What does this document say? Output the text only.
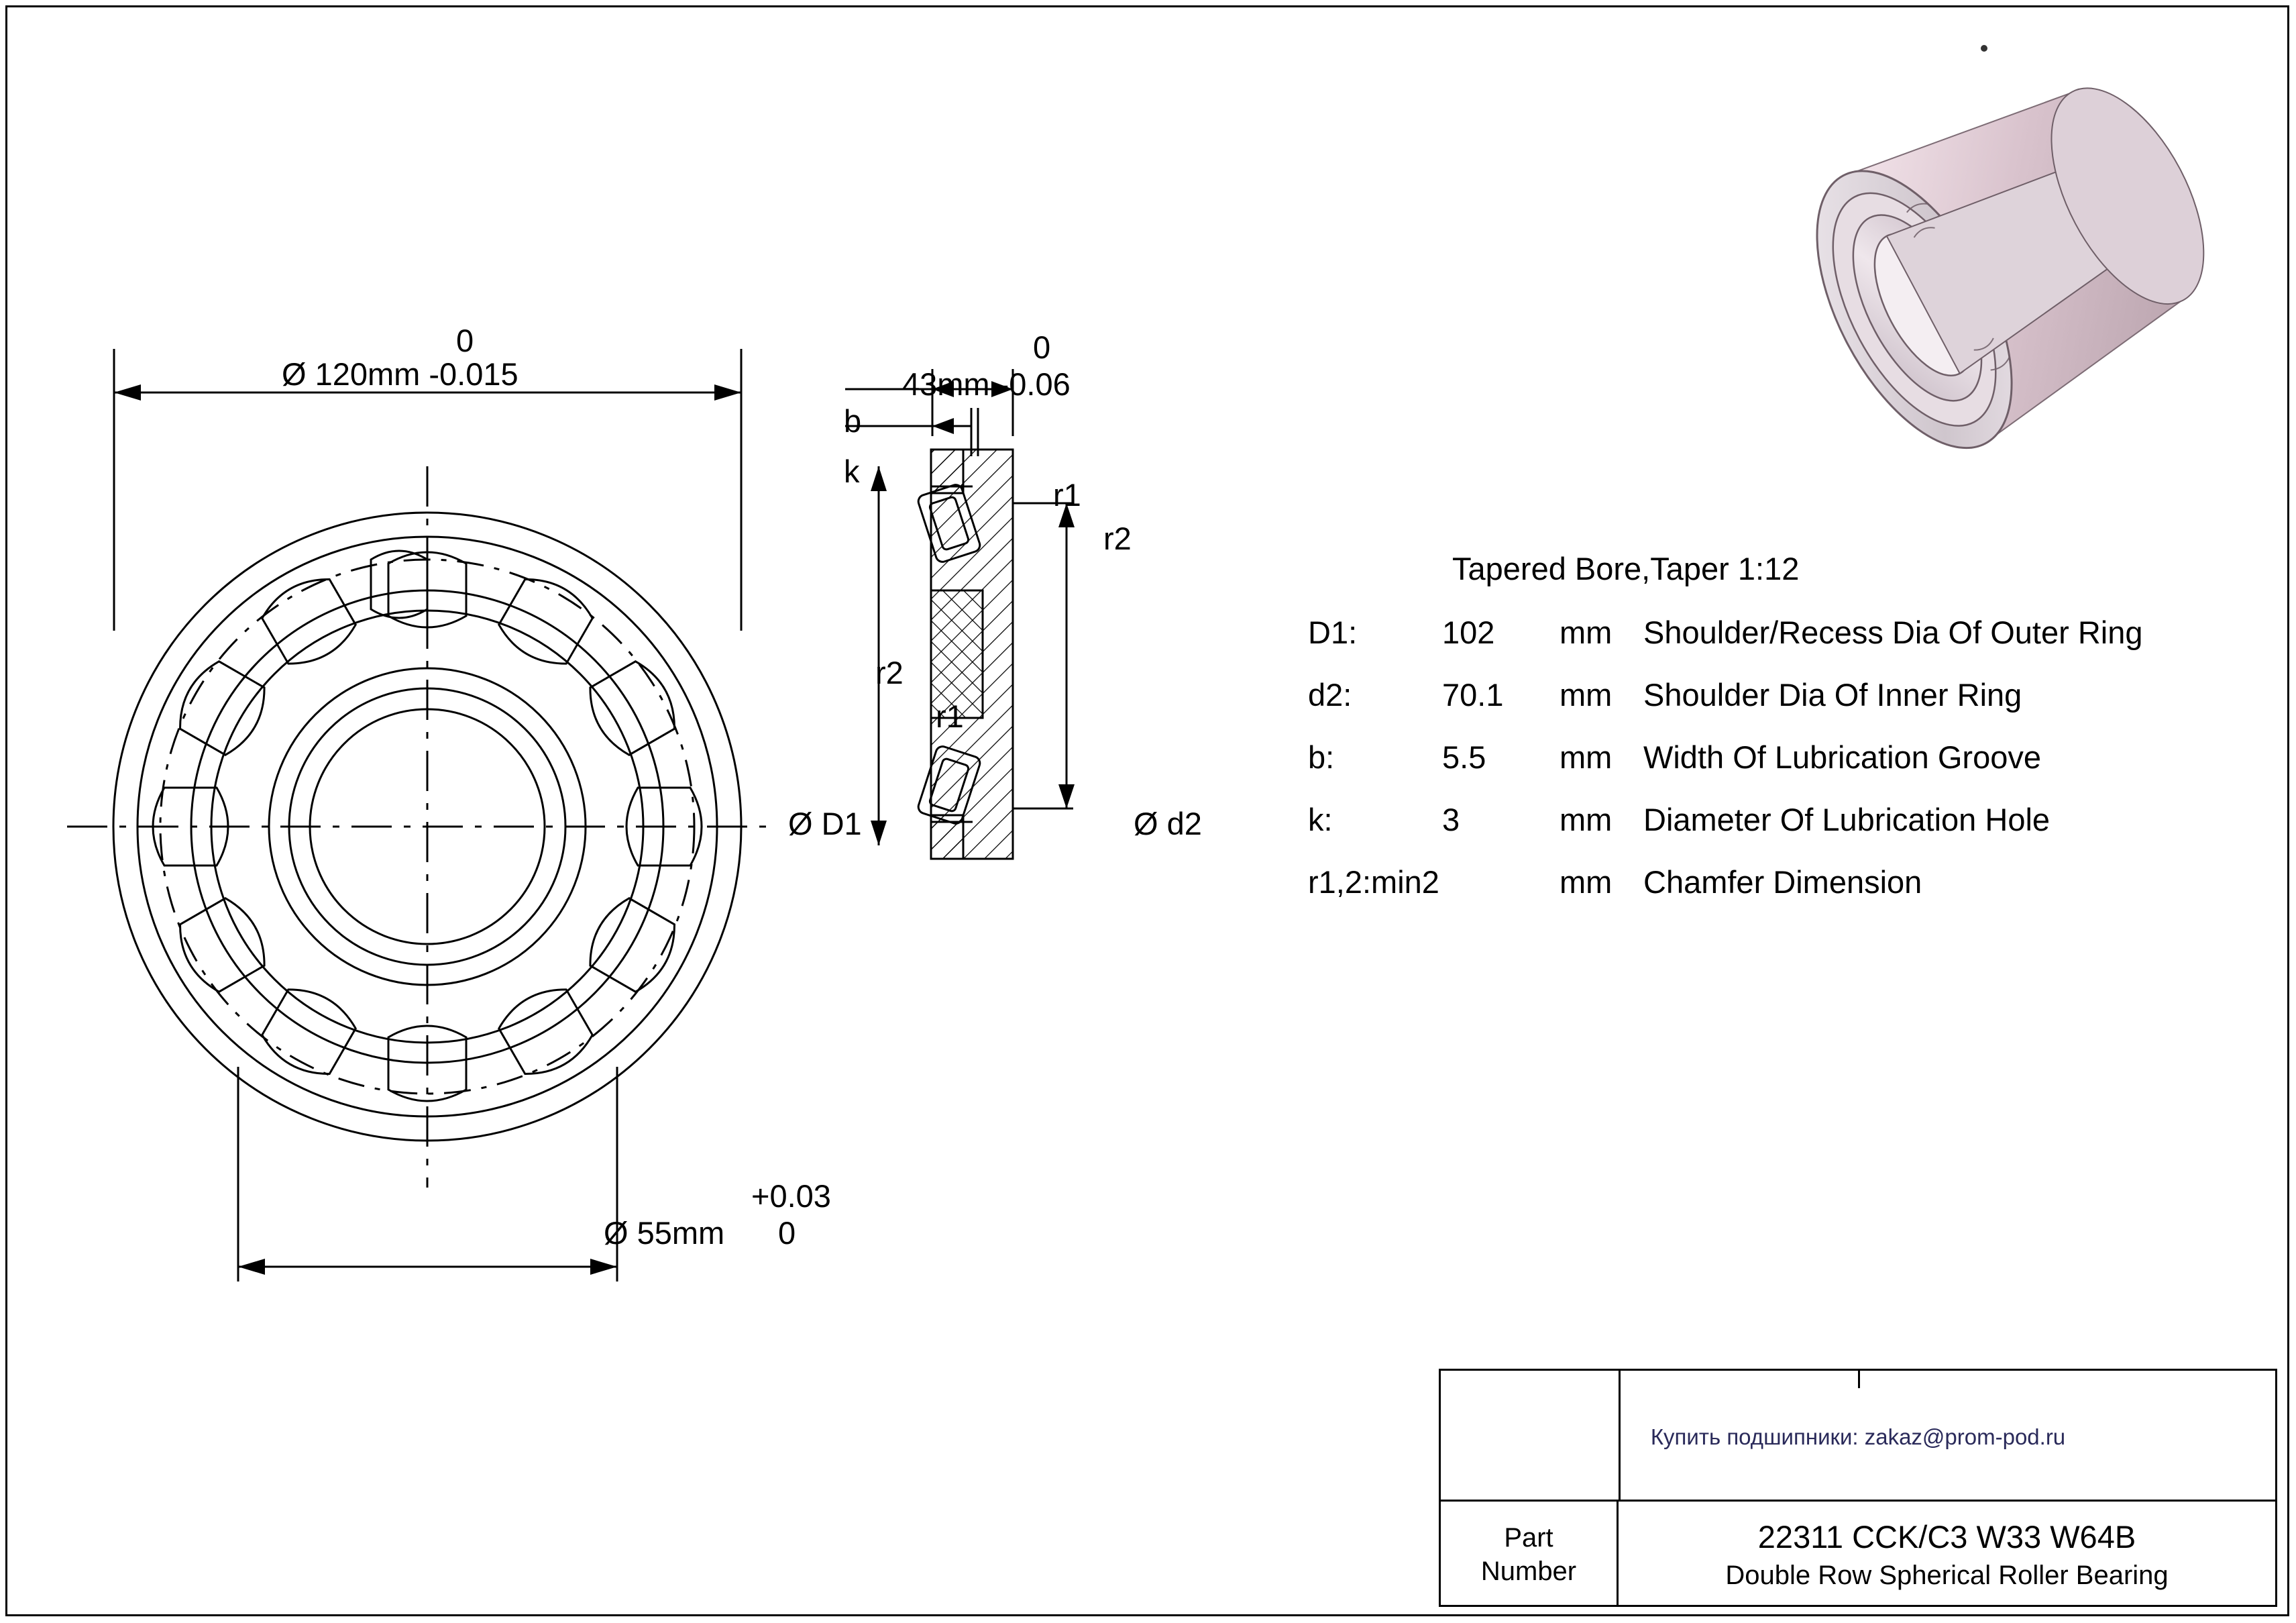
0
Ø 120mm -0.015
+0.03
Ø 55mm 0
0
43mm -0.06
b
k
r1
r2
r2
r1
Ø D1	Ø d2
Tapered Bore,Taper 1:12
D1:	102	mm Shoulder/Recess Dia Of Outer Ring
d2:	70.1	mm Shoulder Dia Of Inner Ring
b:	5.5	mm Width Of Lubrication Groove
k:	3	mm Diameter Of Lubrication Hole
r1,2:min2	mm Chamfer Dimension
Купить подшипники: zakaz@prom-pod.ru
Part
Number
22311 CCK/C3 W33 W64B
Double Row Spherical Roller Bearing
